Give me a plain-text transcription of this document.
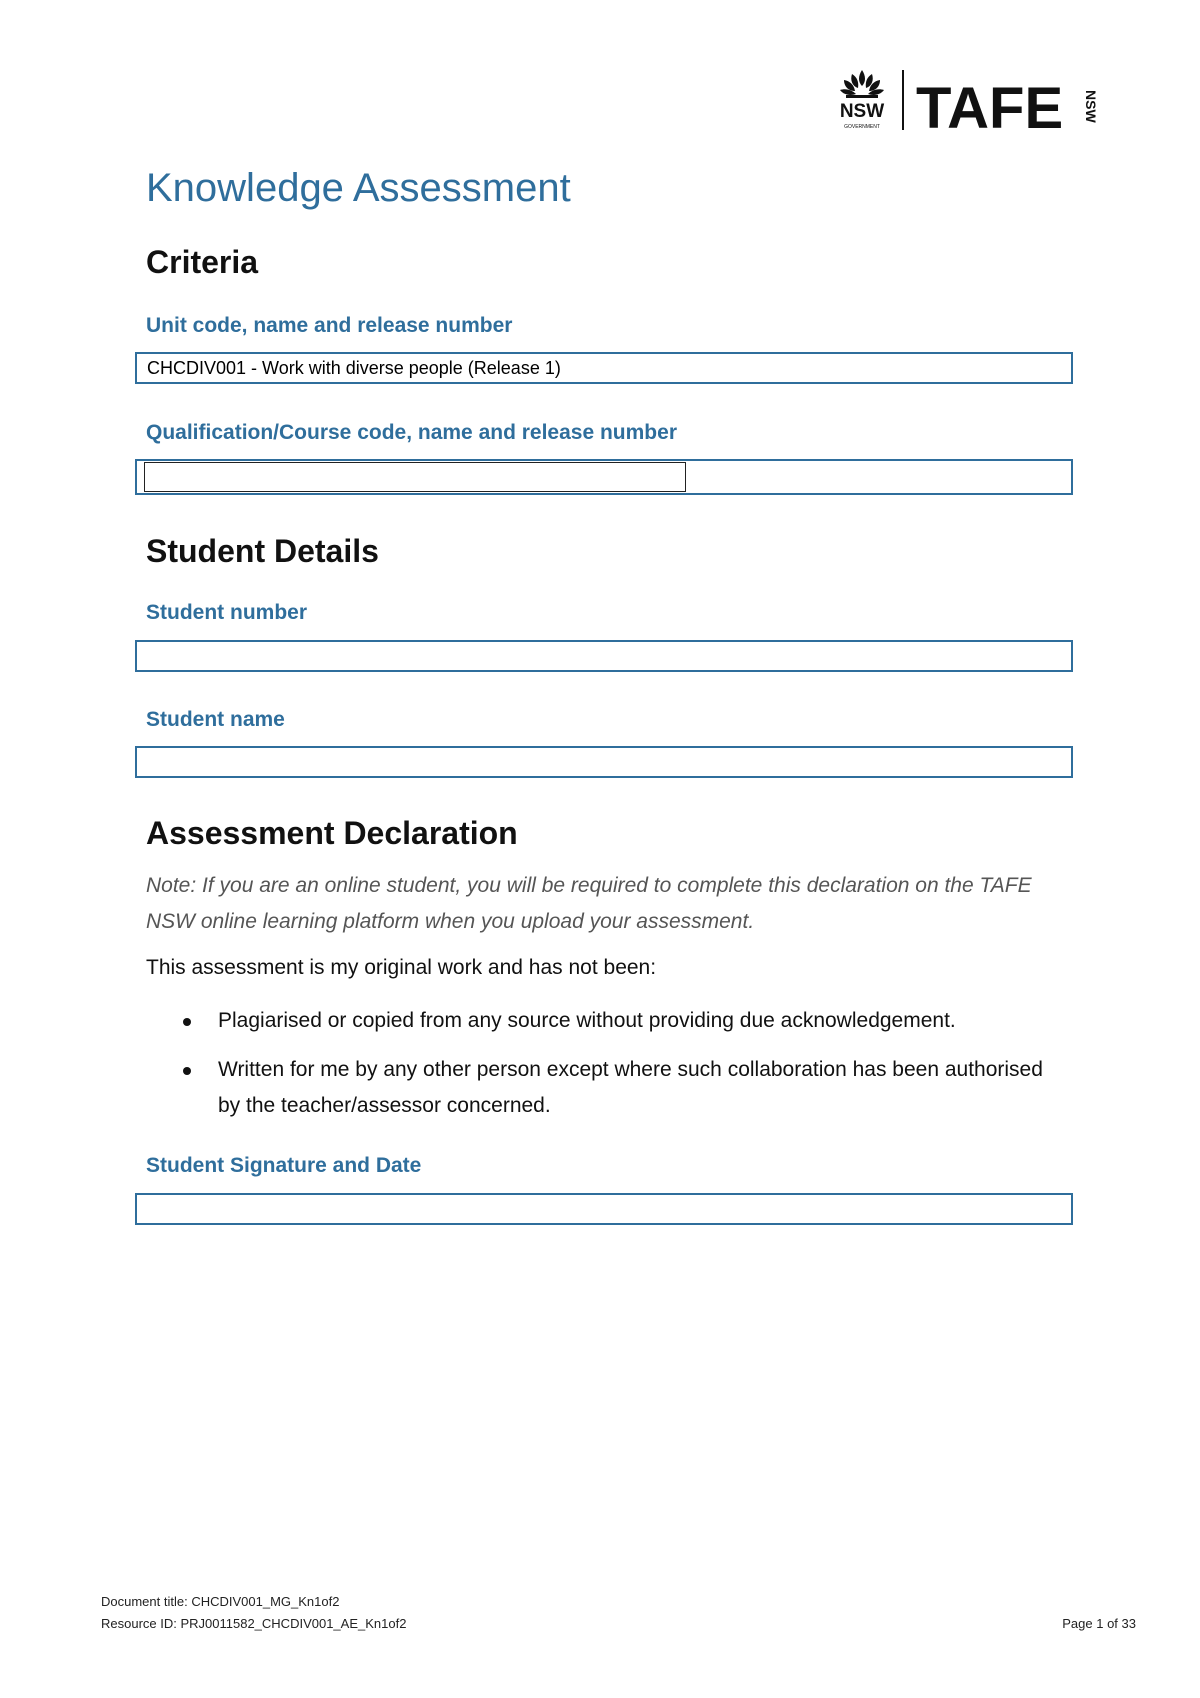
NSW
GOVERNMENT TAFE NSW
Knowledge Assessment
Criteria
Unit code, name and release number
CHCDIV001 - Work with diverse people (Release 1)
Qualification/Course code, name and release number
Student Details
Student number
Student name
Assessment Declaration

Note: If you are an online student, you will be required to complete this declaration on the TAFE NSW online learning platform when you upload your assessment.

This assessment is my original work and has not been:

Plagiarised or copied from any source without providing due acknowledgement.
Written for me by any other person except where such collaboration has been authorised by the teacher/assessor concerned.
Student Signature and Date
Document title: CHCDIV001_MG_Kn1of2
Resource ID: PRJ0011582_CHCDIV001_AE_Kn1of2	Page 1 of 33
